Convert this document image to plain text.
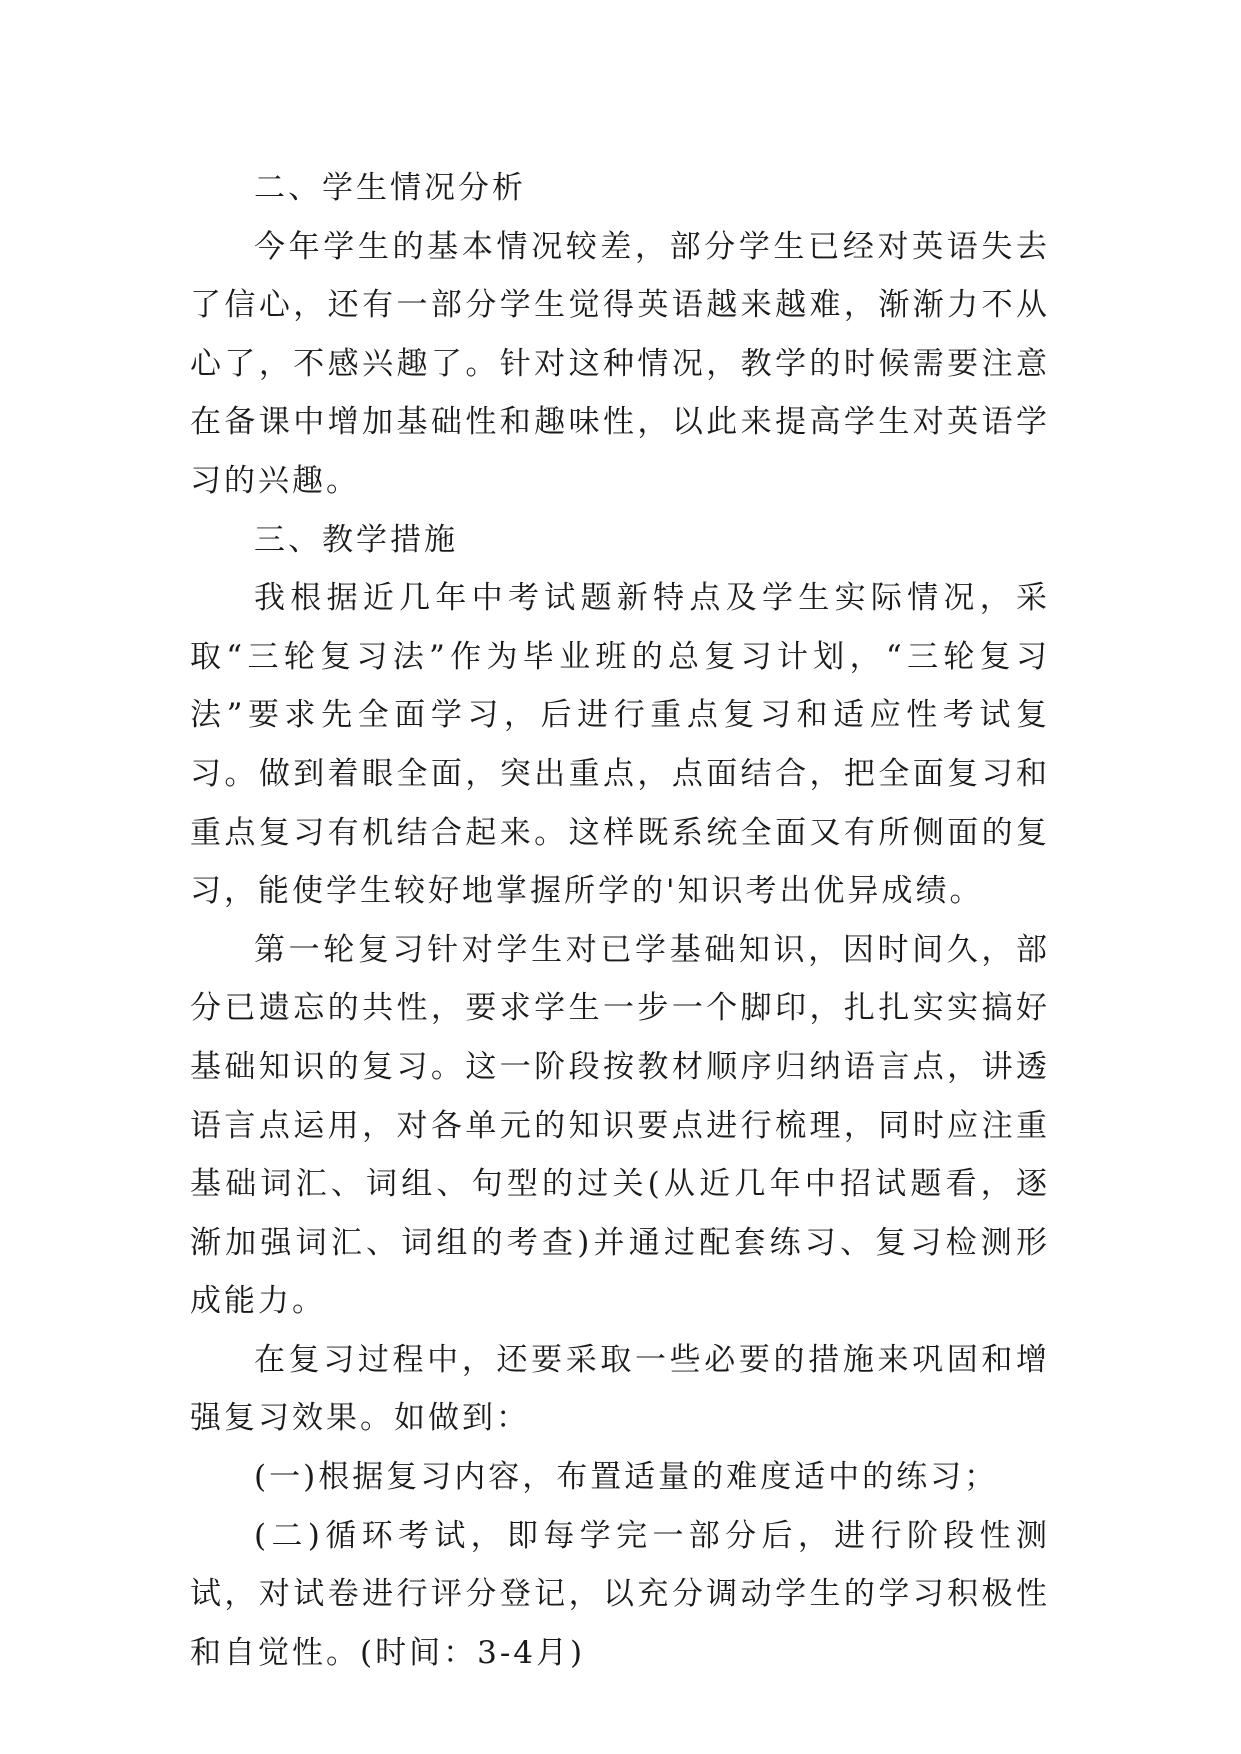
二、学生情况分析

今年学生的基本情况较差，部分学生已经对英语失去了信心，还有一部分学生觉得英语越来越难，渐渐力不从心了，不感兴趣了。针对这种情况，教学的时候需要注意在备课中增加基础性和趣味性，以此来提高学生对英语学习的兴趣。

三、教学措施

我根据近几年中考试题新特点及学生实际情况，采取“三轮复习法”作为毕业班的总复习计划，“三轮复习法”要求先全面学习，后进行重点复习和适应性考试复习。做到着眼全面，突出重点，点面结合，把全面复习和重点复习有机结合起来。这样既系统全面又有所侧面的复习，能使学生较好地掌握所学的'知识考出优异成绩。

第一轮复习针对学生对已学基础知识，因时间久，部分已遗忘的共性，要求学生一步一个脚印，扎扎实实搞好基础知识的复习。这一阶段按教材顺序归纳语言点，讲透语言点运用，对各单元的知识要点进行梳理，同时应注重基础词汇、词组、句型的过关(从近几年中招试题看，逐渐加强词汇、词组的考查)并通过配套练习、复习检测形成能力。

在复习过程中，还要采取一些必要的措施来巩固和增强复习效果。如做到：

(一)根据复习内容，布置适量的难度适中的练习；

(二)循环考试，即每学完一部分后，进行阶段性测试，对试卷进行评分登记，以充分调动学生的学习积极性和自觉性。(时间：3-4月)
